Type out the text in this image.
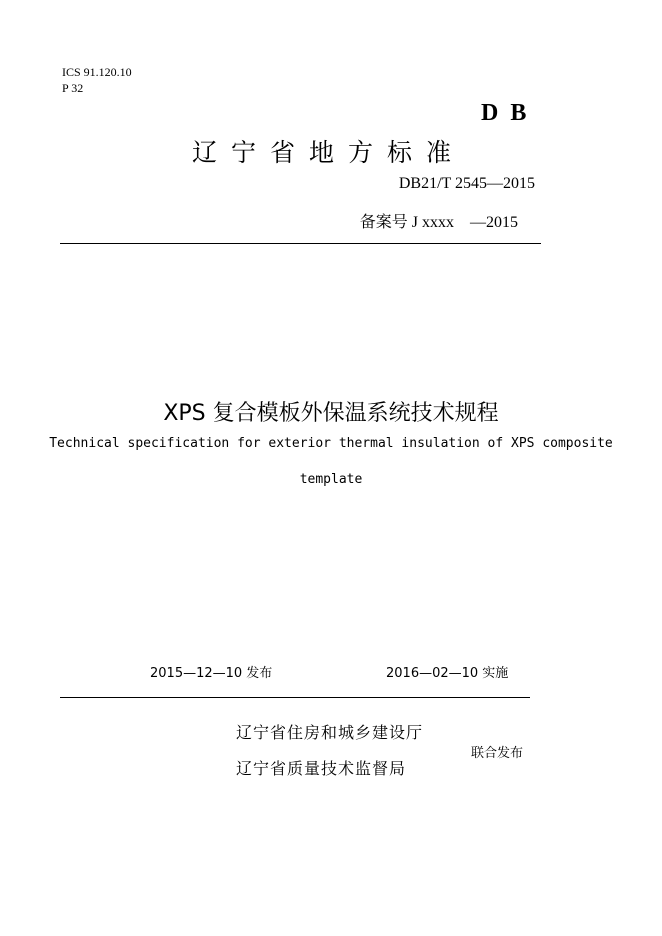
ICS 91.120.10
P 32
D B
辽宁省地方标准
DB21/T 2545—2015
备案号 J xxxx　—2015
XPS 复合模板外保温系统技术规程
Technical specification for exterior thermal insulation of XPS composite
template
2015—12—10 发布	2016—02—10 实施
辽宁省住房和城乡建设厅
辽宁省质量技术监督局
联合发布
